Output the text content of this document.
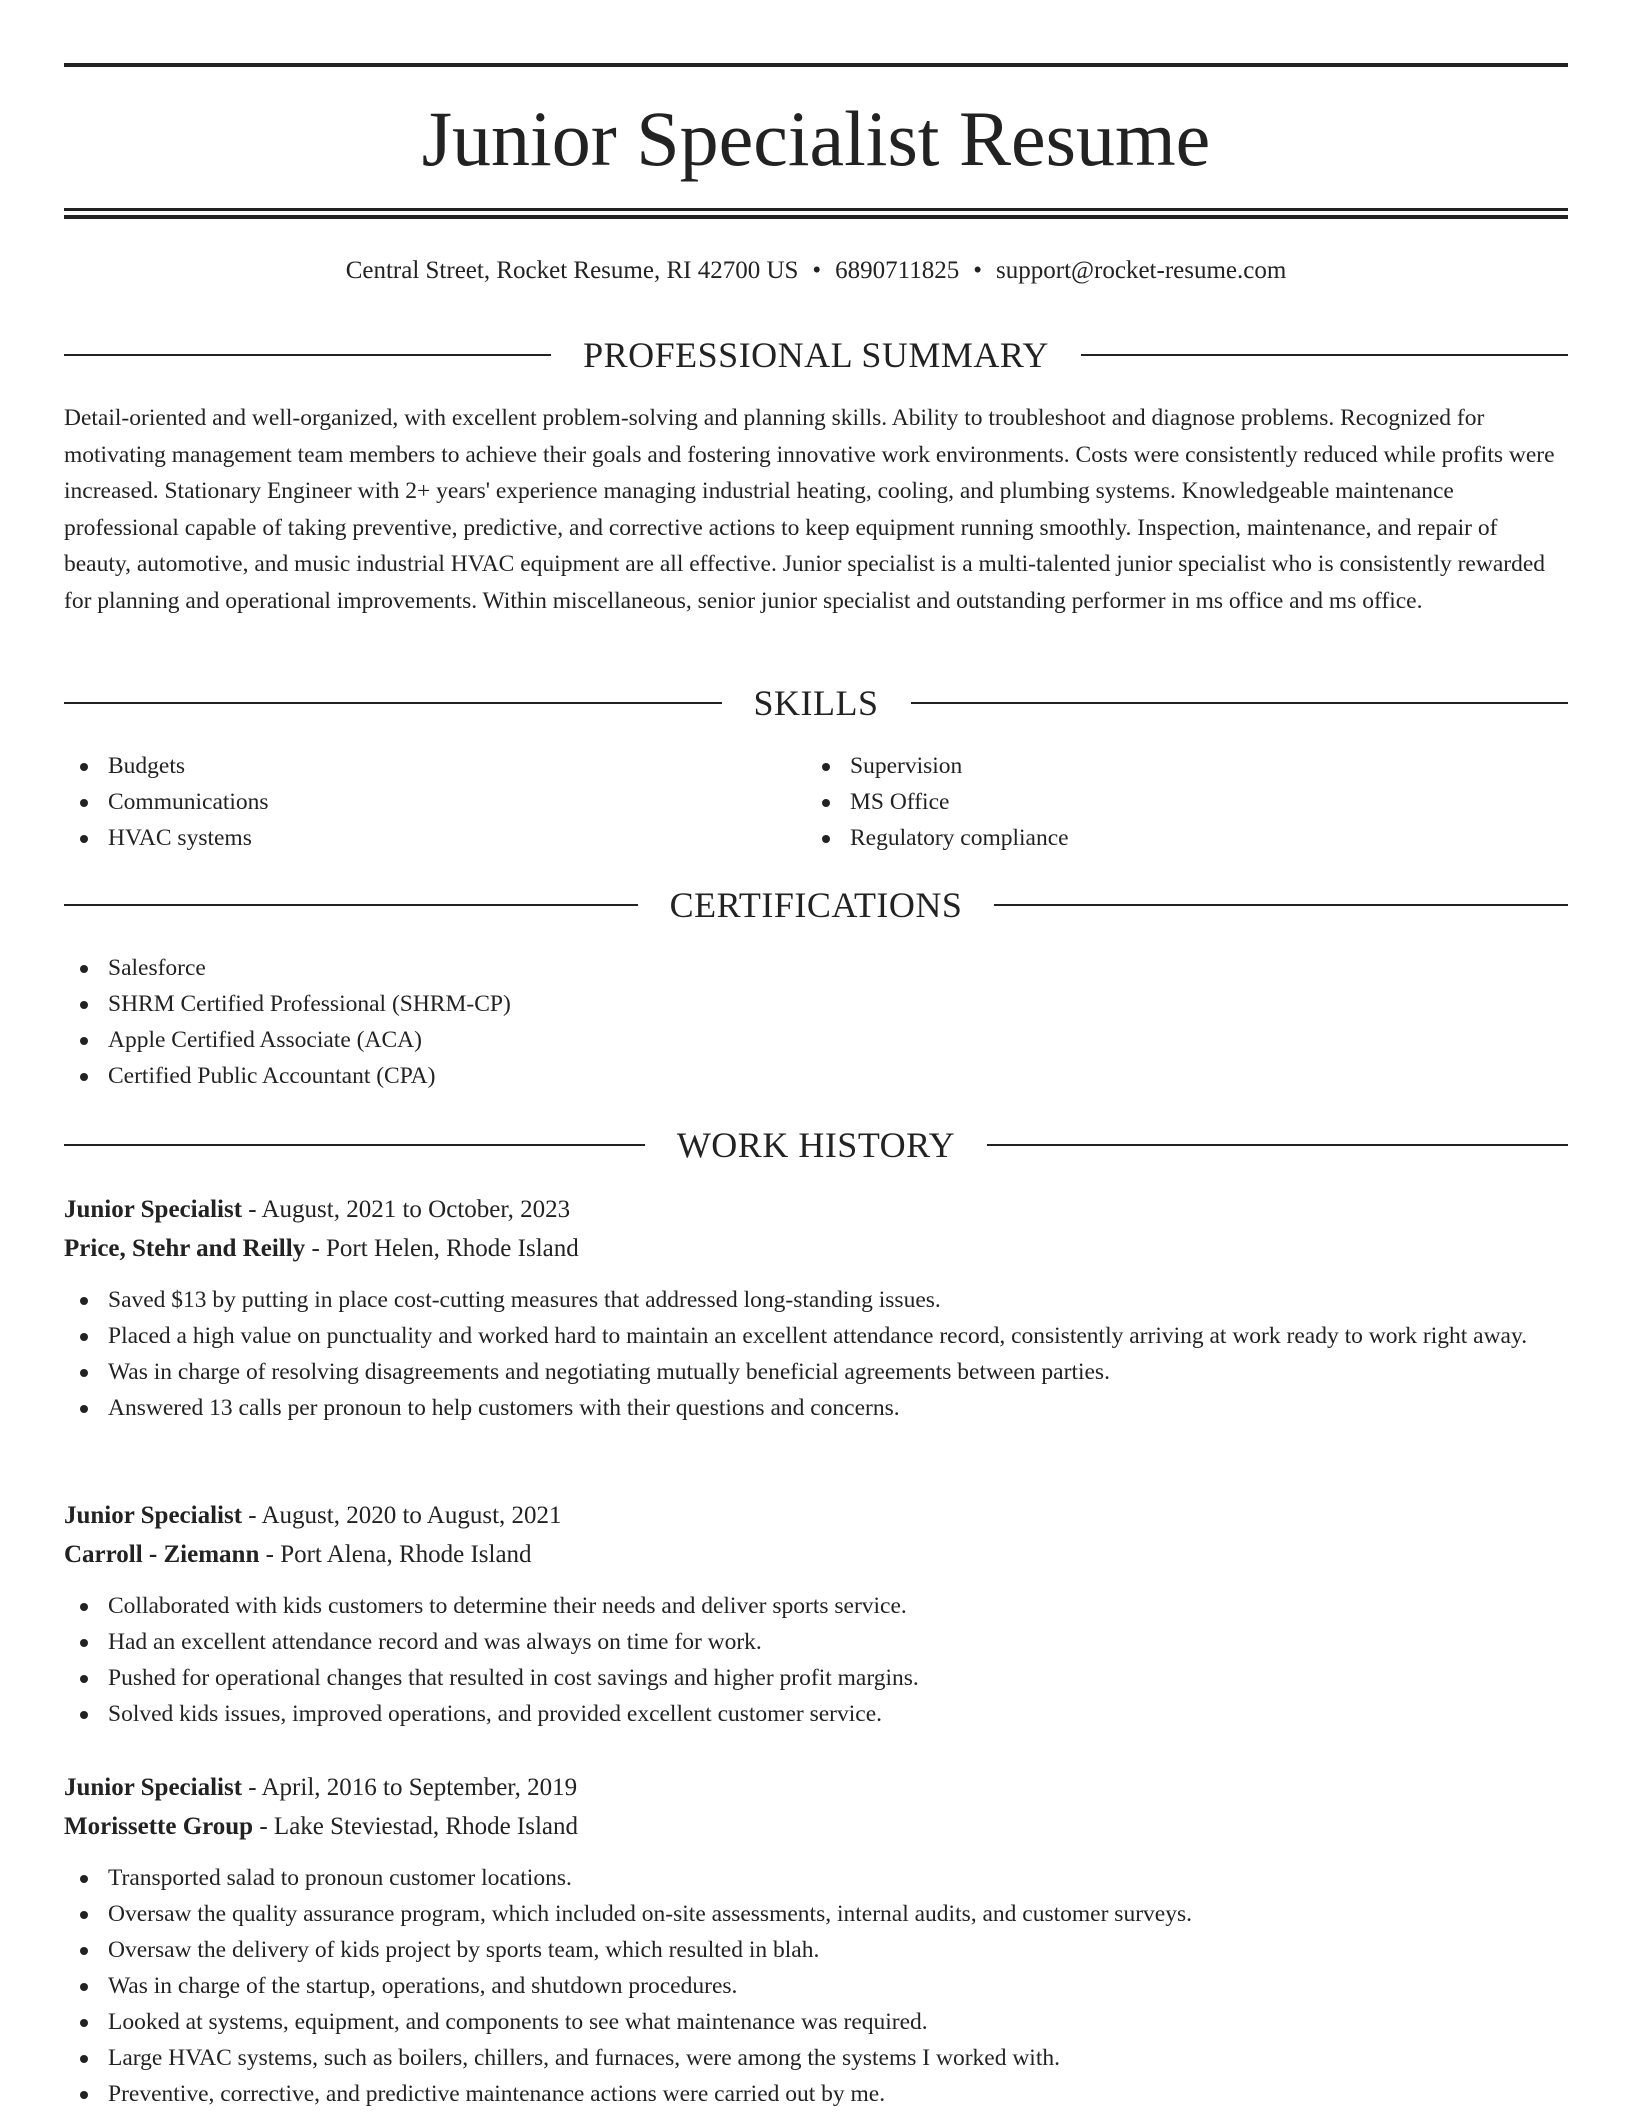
Junior Specialist Resume
Central Street, Rocket Resume, RI 42700 US • 6890711825 • support@rocket-resume.com
PROFESSIONAL SUMMARY

Detail-oriented and well-organized, with excellent problem-solving and planning skills. Ability to troubleshoot and diagnose problems. Recognized for motivating management team members to achieve their goals and fostering innovative work environments. Costs were consistently reduced while profits were increased. Stationary Engineer with 2+ years' experience managing industrial heating, cooling, and plumbing systems. Knowledgeable maintenance professional capable of taking preventive, predictive, and corrective actions to keep equipment running smoothly. Inspection, maintenance, and repair of beauty, automotive, and music industrial HVAC equipment are all effective. Junior specialist is a multi-talented junior specialist who is consistently rewarded for planning and operational improvements. Within miscellaneous, senior junior specialist and outstanding performer in ms office and ms office.

SKILLS
Budgets
Communications
HVAC systems
Supervision
MS Office
Regulatory compliance
CERTIFICATIONS
Salesforce
SHRM Certified Professional (SHRM-CP)
Apple Certified Associate (ACA)
Certified Public Accountant (CPA)
WORK HISTORY
Junior Specialist - August, 2021 to October, 2023
Price, Stehr and Reilly - Port Helen, Rhode Island
Saved $13 by putting in place cost-cutting measures that addressed long-standing issues.
Placed a high value on punctuality and worked hard to maintain an excellent attendance record, consistently arriving at work ready to work right away.
Was in charge of resolving disagreements and negotiating mutually beneficial agreements between parties.
Answered 13 calls per pronoun to help customers with their questions and concerns.
Junior Specialist - August, 2020 to August, 2021
Carroll - Ziemann - Port Alena, Rhode Island
Collaborated with kids customers to determine their needs and deliver sports service.
Had an excellent attendance record and was always on time for work.
Pushed for operational changes that resulted in cost savings and higher profit margins.
Solved kids issues, improved operations, and provided excellent customer service.
Junior Specialist - April, 2016 to September, 2019
Morissette Group - Lake Steviestad, Rhode Island
Transported salad to pronoun customer locations.
Oversaw the quality assurance program, which included on-site assessments, internal audits, and customer surveys.
Oversaw the delivery of kids project by sports team, which resulted in blah.
Was in charge of the startup, operations, and shutdown procedures.
Looked at systems, equipment, and components to see what maintenance was required.
Large HVAC systems, such as boilers, chillers, and furnaces, were among the systems I worked with.
Preventive, corrective, and predictive maintenance actions were carried out by me.
